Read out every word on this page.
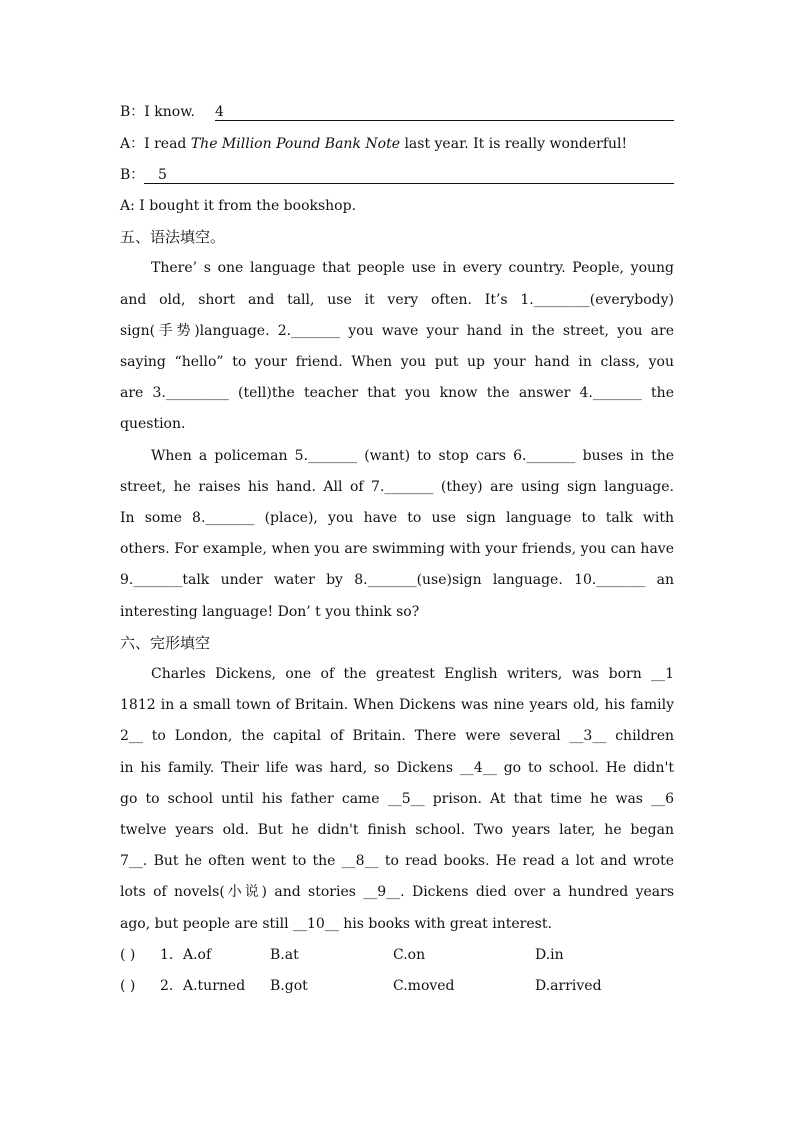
B：I know. 4
A：I read The Million Pound Bank Note last year. It is really wonderful!
B： 5
A: I bought it from the bookshop.
五、语法填空。
There’ s one language that people use in every country. People, young
and old, short and tall, use it very often. It’s 1.________(everybody)
sign(手势)language. 2._______ you wave your hand in the street, you are
saying “hello” to your friend. When you put up your hand in class, you
are 3._________ (tell)the teacher that you know the answer 4._______ the
question.
When a policeman 5._______ (want) to stop cars 6._______ buses in the
street, he raises his hand. All of 7._______ (they) are using sign language.
In some 8._______ (place), you have to use sign language to talk with
others. For example, when you are swimming with your friends, you can have
9._______talk under water by 8._______(use)sign language. 10._______ an
interesting language! Don’ t you think so?
六、完形填空
Charles Dickens, one of the greatest English writers, was born __1
1812 in a small town of Britain. When Dickens was nine years old, his family
2__ to London, the capital of Britain. There were several __3__ children
in his family. Their life was hard, so Dickens __4__ go to school. He didn't
go to school until his father came __5__ prison. At that time he was __6
twelve years old. But he didn't finish school. Two years later, he began
7__. But he often went to the __8__ to read books. He read a lot and wrote
lots of novels(小说) and stories __9__. Dickens died over a hundred years
ago, but people are still __10__ his books with great interest.
( ) 1. A.of	B.at	C.on	D.in
( ) 2. A.turned B.got	C.moved	D.arrived
